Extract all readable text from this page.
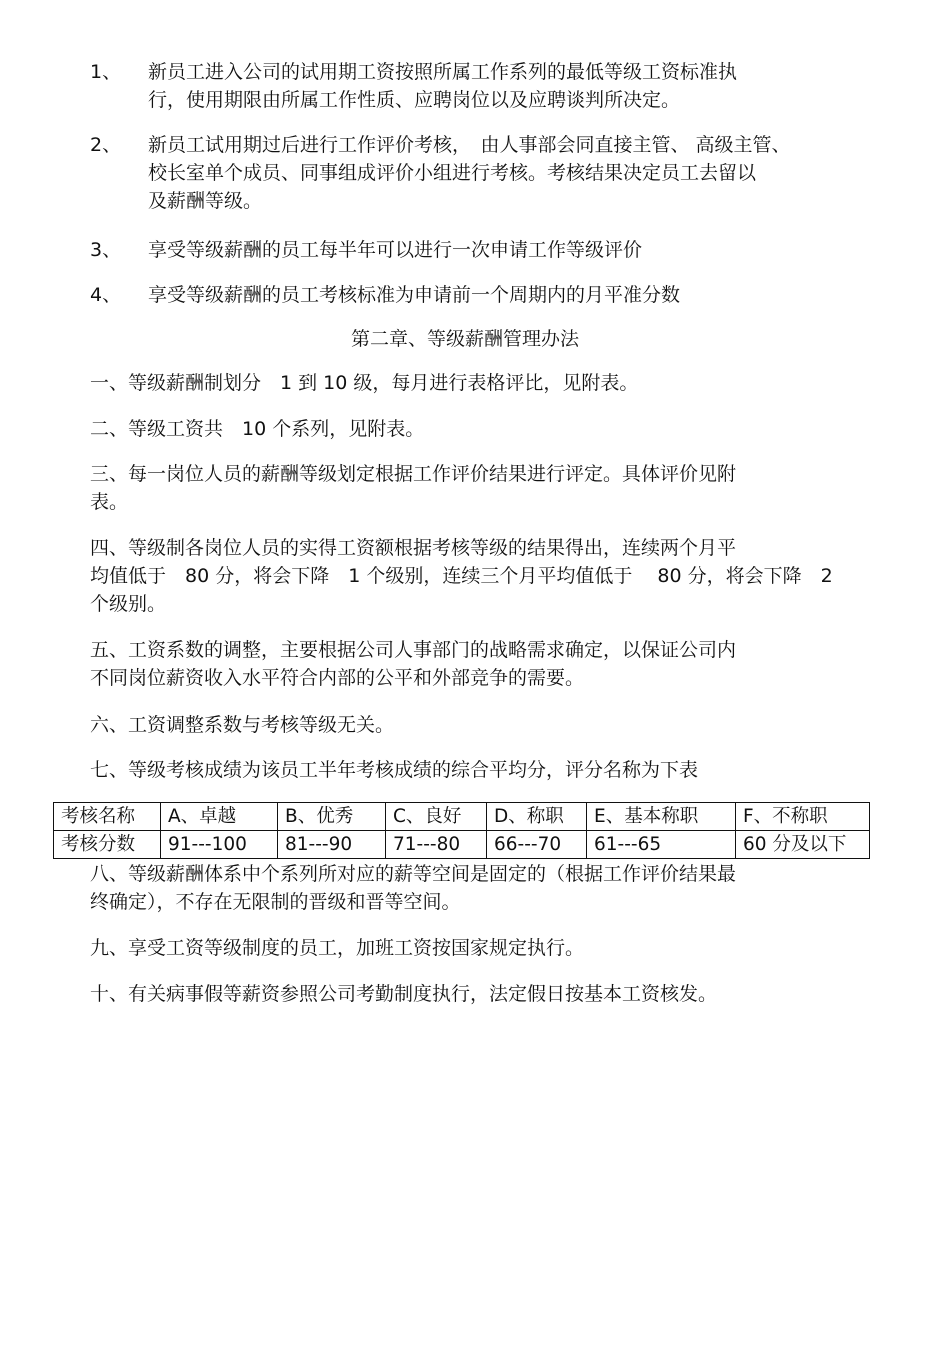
1、	新员工进入公司的试用期工资按照所属工作系列的最低等级工资标准执
行，使用期限由所属工作性质、应聘岗位以及应聘谈判所决定。
2、	新员工试用期过后进行工作评价考核，　由人事部会同直接主管、 高级主管、
校长室单个成员、同事组成评价小组进行考核。考核结果决定员工去留以
及薪酬等级。
3、	享受等级薪酬的员工每半年可以进行一次申请工作等级评价
4、	享受等级薪酬的员工考核标准为申请前一个周期内的月平准分数
第二章、等级薪酬管理办法
一、等级薪酬制划分　1 到 10 级，每月进行表格评比，见附表。
二、等级工资共　10 个系列，见附表。
三、每一岗位人员的薪酬等级划定根据工作评价结果进行评定。具体评价见附
表。
四、等级制各岗位人员的实得工资额根据考核等级的结果得出，连续两个月平
均值低于　80 分，将会下降　1 个级别，连续三个月平均值低于　 80 分，将会下降　2
个级别。
五、工资系数的调整，主要根据公司人事部门的战略需求确定，以保证公司内
不同岗位薪资收入水平符合内部的公平和外部竞争的需要。
六、工资调整系数与考核等级无关。
七、等级考核成绩为该员工半年考核成绩的综合平均分，评分名称为下表
考核名称	A、卓越	B、优秀	C、良好	D、称职	E、基本称职	F、不称职
考核分数	91---100	81---90	71---80	66---70	61---65	60 分及以下
八、等级薪酬体系中个系列所对应的薪等空间是固定的（根据工作评价结果最
终确定），不存在无限制的晋级和晋等空间。
九、享受工资等级制度的员工，加班工资按国家规定执行。
十、有关病事假等薪资参照公司考勤制度执行，法定假日按基本工资核发。
